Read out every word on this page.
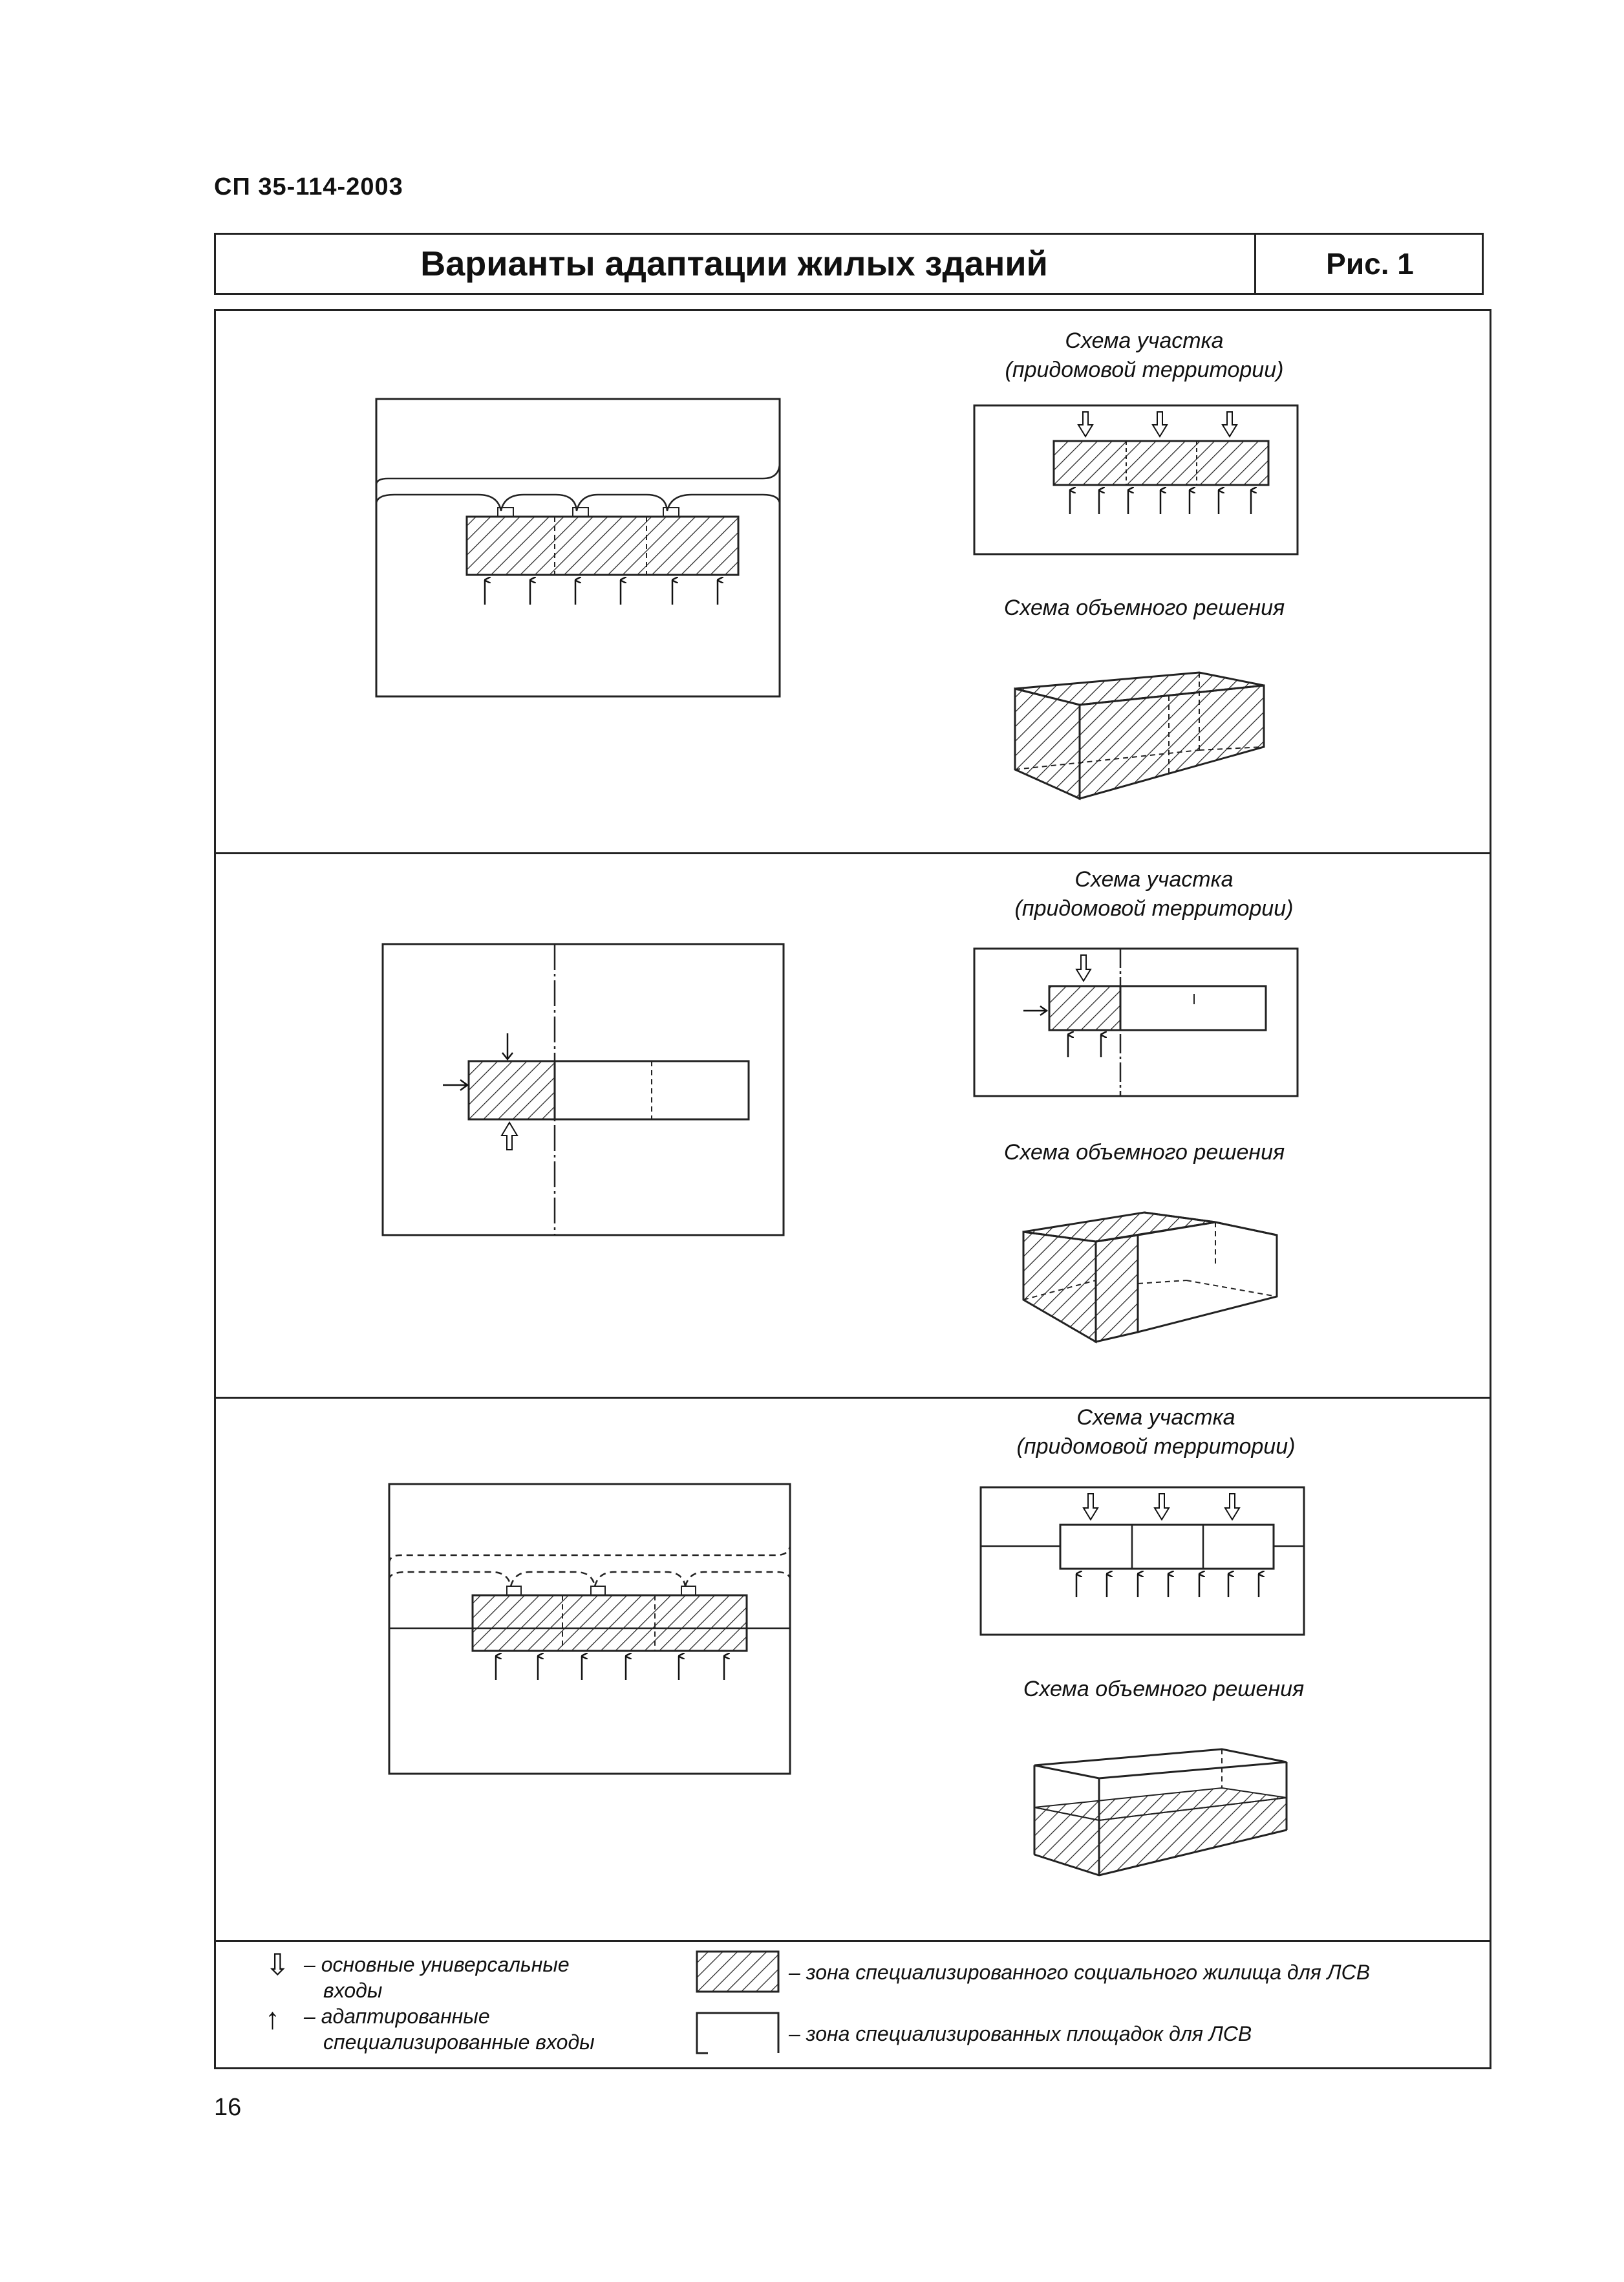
СП 35-114-2003
Варианты адаптации жилых зданий	Рис. 1
Схема участка
(придомовой территории)
Схема объемного решения
Схема участка
(придомовой территории)
Схема объемного решения
Схема участка
(придомовой территории)
Схема объемного решения
⇩ – основные универсальные
входы
↑ – адаптированные
специализированные входы
– зона специализированного социального жилища для ЛСВ
– зона специализированных площадок для ЛСВ
16
